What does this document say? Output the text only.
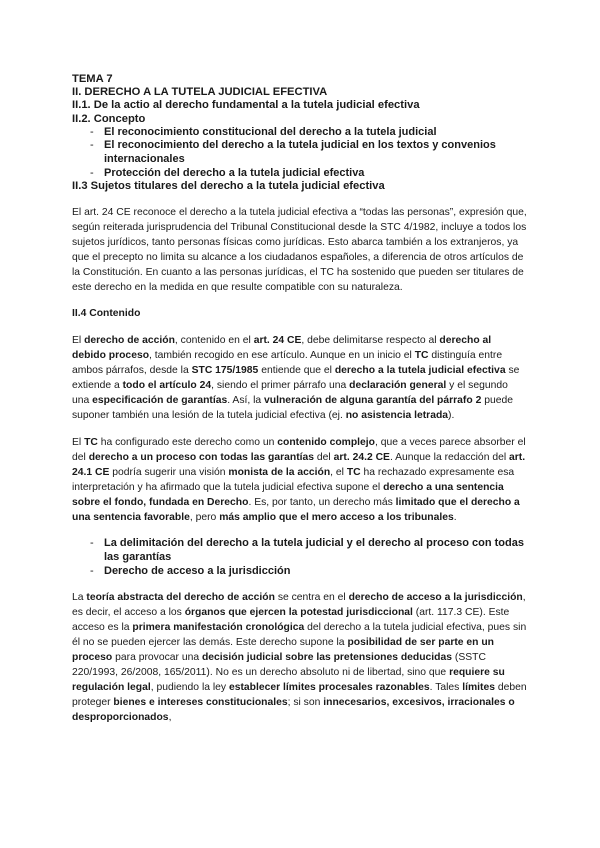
TEMA 7

II. DERECHO A LA TUTELA JUDICIAL EFECTIVA

II.1. De la actio al derecho fundamental a la tutela judicial efectiva

II.2. Concepto

- El reconocimiento constitucional del derecho a la tutela judicial
- El reconocimiento del derecho a la tutela judicial en los textos y convenios internacionales
- Protección del derecho a la tutela judicial efectiva

II.3 Sujetos titulares del derecho a la tutela judicial efectiva

El art. 24 CE reconoce el derecho a la tutela judicial efectiva a “todas las personas”, expresión que, según reiterada jurisprudencia del Tribunal Constitucional desde la STC 4/1982, incluye a todos los sujetos jurídicos, tanto personas físicas como jurídicas. Esto abarca también a los extranjeros, ya que el precepto no limita su alcance a los ciudadanos españoles, a diferencia de otros artículos de la Constitución. En cuanto a las personas jurídicas, el TC ha sostenido que pueden ser titulares de este derecho en la medida en que resulte compatible con su naturaleza.

II.4 Contenido

El derecho de acción, contenido en el art. 24 CE, debe delimitarse respecto al derecho al debido proceso, también recogido en ese artículo. Aunque en un inicio el TC distinguía entre ambos párrafos, desde la STC 175/1985 entiende que el derecho a la tutela judicial efectiva se extiende a todo el artículo 24, siendo el primer párrafo una declaración general y el segundo una especificación de garantías. Así, la vulneración de alguna garantía del párrafo 2 puede suponer también una lesión de la tutela judicial efectiva (ej. no asistencia letrada).

El TC ha configurado este derecho como un contenido complejo, que a veces parece absorber el del derecho a un proceso con todas las garantías del art. 24.2 CE. Aunque la redacción del art. 24.1 CE podría sugerir una visión monista de la acción, el TC ha rechazado expresamente esa interpretación y ha afirmado que la tutela judicial efectiva supone el derecho a una sentencia sobre el fondo, fundada en Derecho. Es, por tanto, un derecho más limitado que el derecho a una sentencia favorable, pero más amplio que el mero acceso a los tribunales.

- La delimitación del derecho a la tutela judicial y el derecho al proceso con todas las garantías
- Derecho de acceso a la jurisdicción

La teoría abstracta del derecho de acción se centra en el derecho de acceso a la jurisdicción, es decir, el acceso a los órganos que ejercen la potestad jurisdiccional (art. 117.3 CE). Este acceso es la primera manifestación cronológica del derecho a la tutela judicial efectiva, pues sin él no se pueden ejercer las demás. Este derecho supone la posibilidad de ser parte en un proceso para provocar una decisión judicial sobre las pretensiones deducidas (SSTC 220/1993, 26/2008, 165/2011). No es un derecho absoluto ni de libertad, sino que requiere su regulación legal, pudiendo la ley establecer límites procesales razonables. Tales límites deben proteger bienes e intereses constitucionales; si son innecesarios, excesivos, irracionales o desproporcionados,
